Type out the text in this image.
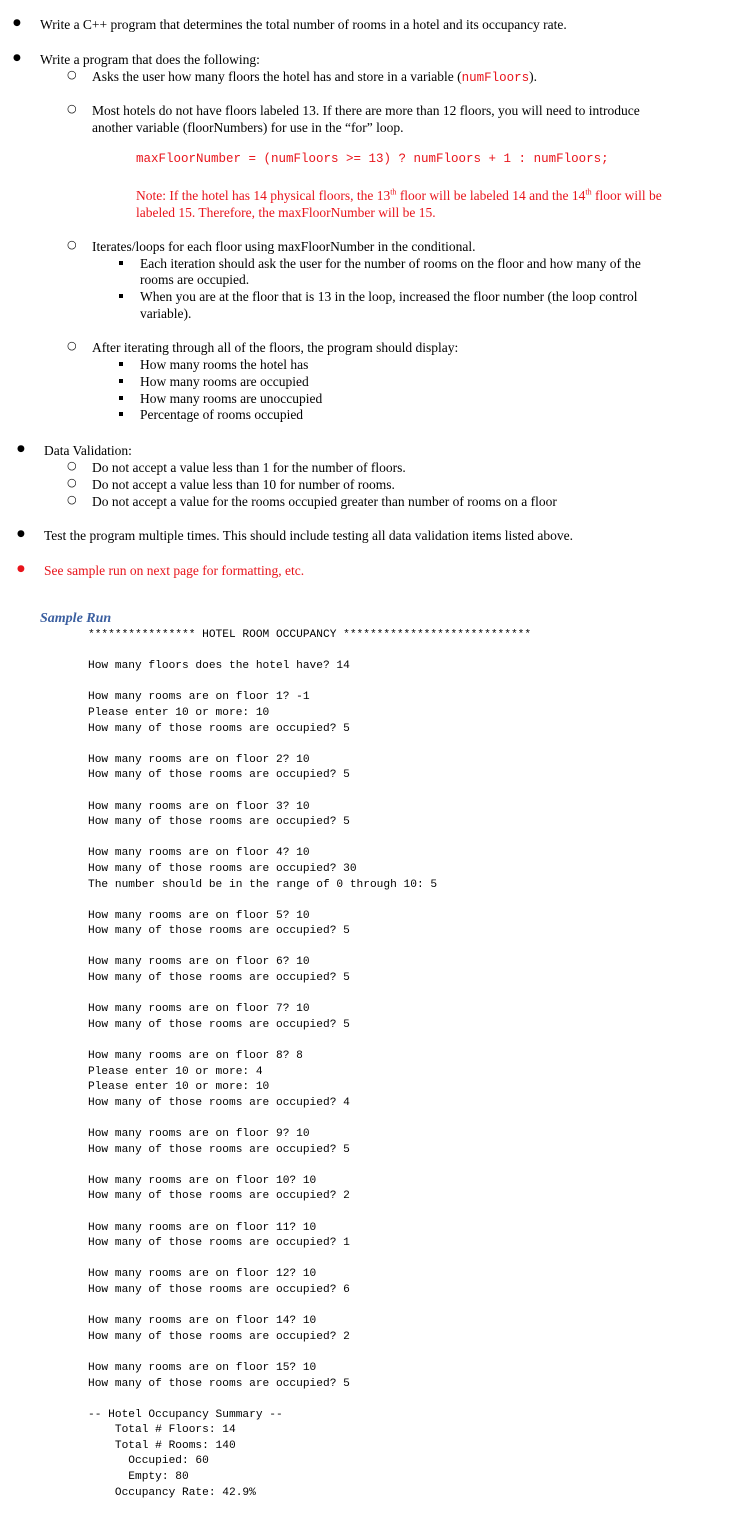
● Write a C++ program that determines the total number of rooms in a hotel and its occupancy rate.
● Write a program that does the following:
○ Asks the user how many floors the hotel has and store in a variable (numFloors).
○ Most hotels do not have floors labeled 13. If there are more than 12 floors, you will need to introduce
another variable (floorNumbers) for use in the “for” loop.
maxFloorNumber = (numFloors >= 13) ? numFloors + 1 : numFloors;
Note: If the hotel has 14 physical floors, the 13th floor will be labeled 14 and the 14th floor will be
labeled 15. Therefore, the maxFloorNumber will be 15.
○ Iterates/loops for each floor using maxFloorNumber in the conditional.
Each iteration should ask the user for the number of rooms on the floor and how many of the
rooms are occupied.
When you are at the floor that is 13 in the loop, increased the floor number (the loop control
variable).
○ After iterating through all of the floors, the program should display:
How many rooms the hotel has
How many rooms are occupied
How many rooms are unoccupied
Percentage of rooms occupied
● Data Validation:
○ Do not accept a value less than 1 for the number of floors.
○ Do not accept a value less than 10 for number of rooms.
○ Do not accept a value for the rooms occupied greater than number of rooms on a floor
● Test the program multiple times. This should include testing all data validation items listed above.
● See sample run on next page for formatting, etc.
Sample Run
**************** HOTEL ROOM OCCUPANCY ****************************
How many floors does the hotel have? 14
How many rooms are on floor 1? -1
Please enter 10 or more: 10
How many of those rooms are occupied? 5
How many rooms are on floor 2? 10
How many of those rooms are occupied? 5
How many rooms are on floor 3? 10
How many of those rooms are occupied? 5
How many rooms are on floor 4? 10
How many of those rooms are occupied? 30
The number should be in the range of 0 through 10: 5
How many rooms are on floor 5? 10
How many of those rooms are occupied? 5
How many rooms are on floor 6? 10
How many of those rooms are occupied? 5
How many rooms are on floor 7? 10
How many of those rooms are occupied? 5
How many rooms are on floor 8? 8
Please enter 10 or more: 4
Please enter 10 or more: 10
How many of those rooms are occupied? 4
How many rooms are on floor 9? 10
How many of those rooms are occupied? 5
How many rooms are on floor 10? 10
How many of those rooms are occupied? 2
How many rooms are on floor 11? 10
How many of those rooms are occupied? 1
How many rooms are on floor 12? 10
How many of those rooms are occupied? 6
How many rooms are on floor 14? 10
How many of those rooms are occupied? 2
How many rooms are on floor 15? 10
How many of those rooms are occupied? 5
-- Hotel Occupancy Summary --
Total # Floors: 14
Total # Rooms: 140
Occupied: 60
Empty: 80
Occupancy Rate: 42.9%
